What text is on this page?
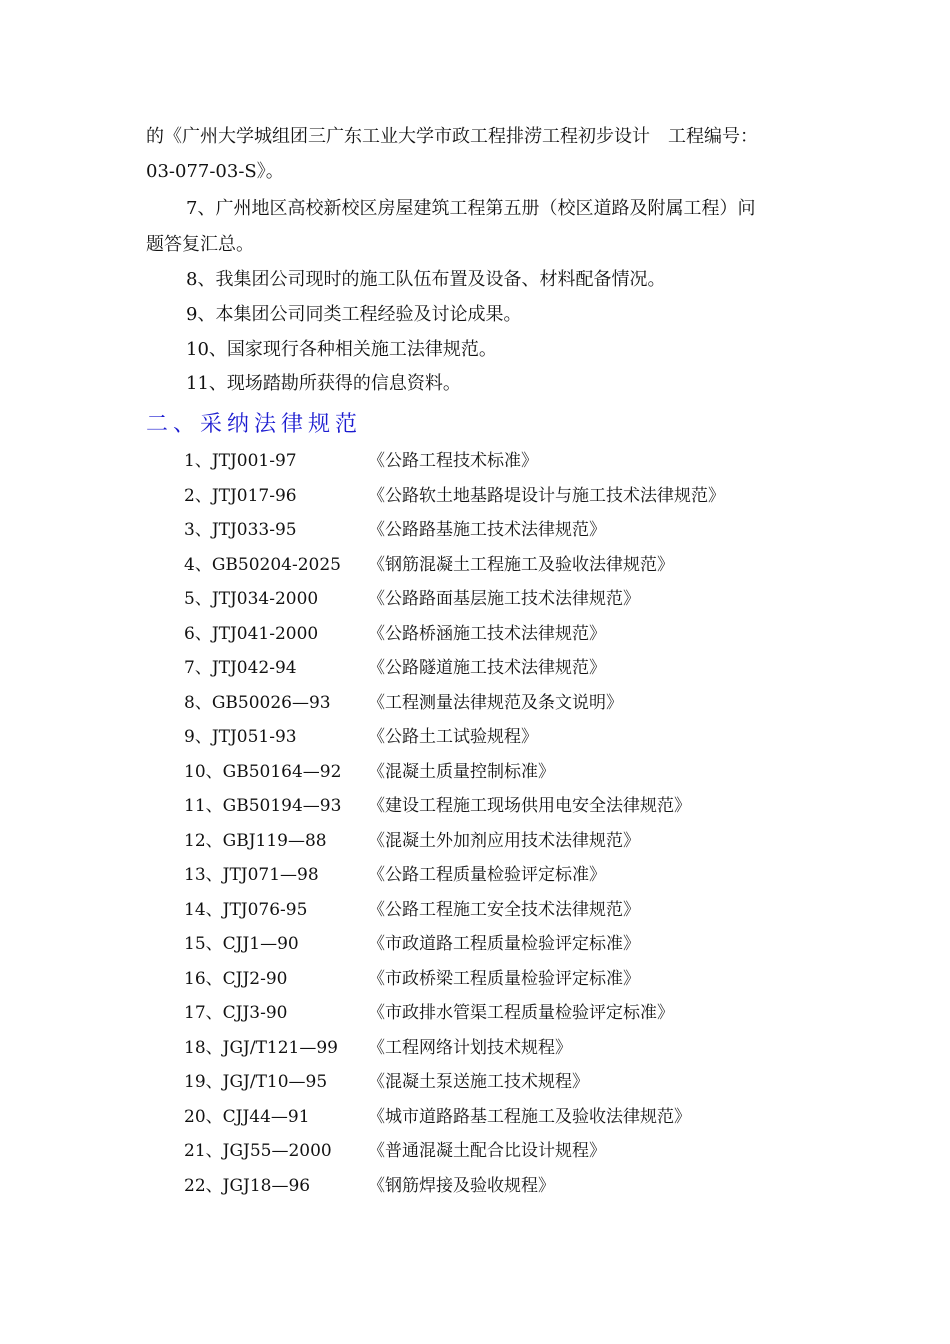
的《广州大学城组团三广东工业大学市政工程排涝工程初步设计　工程编号：
03-077-03-S》。
7、广州地区高校新校区房屋建筑工程第五册（校区道路及附属工程）问
题答复汇总。
8、我集团公司现时的施工队伍布置及设备、材料配备情况。
9、本集团公司同类工程经验及讨论成果。
10、国家现行各种相关施工法律规范。
11、现场踏勘所获得的信息资料。
二、采纳法律规范
1、JTJ001-97	《公路工程技术标准》
2、JTJ017-96	《公路软土地基路堤设计与施工技术法律规范》
3、JTJ033-95	《公路路基施工技术法律规范》
4、GB50204-2025 《钢筋混凝土工程施工及验收法律规范》
5、JTJ034-2000	《公路路面基层施工技术法律规范》
6、JTJ041-2000	《公路桥涵施工技术法律规范》
7、JTJ042-94	《公路隧道施工技术法律规范》
8、GB50026—93 《工程测量法律规范及条文说明》
9、JTJ051-93	《公路土工试验规程》
10、GB50164—92 《混凝土质量控制标准》
11、GB50194—93 《建设工程施工现场供用电安全法律规范》
12、GBJ119—88 《混凝土外加剂应用技术法律规范》
13、JTJ071—98	《公路工程质量检验评定标准》
14、JTJ076-95	《公路工程施工安全技术法律规范》
15、CJJ1—90	《市政道路工程质量检验评定标准》
16、CJJ2-90	《市政桥梁工程质量检验评定标准》
17、CJJ3-90	《市政排水管渠工程质量检验评定标准》
18、JGJ/T121—99 《工程网络计划技术规程》
19、JGJ/T10—95 《混凝土泵送施工技术规程》
20、CJJ44—91	《城市道路路基工程施工及验收法律规范》
21、JGJ55—2000 《普通混凝土配合比设计规程》
22、JGJ18—96	《钢筋焊接及验收规程》
